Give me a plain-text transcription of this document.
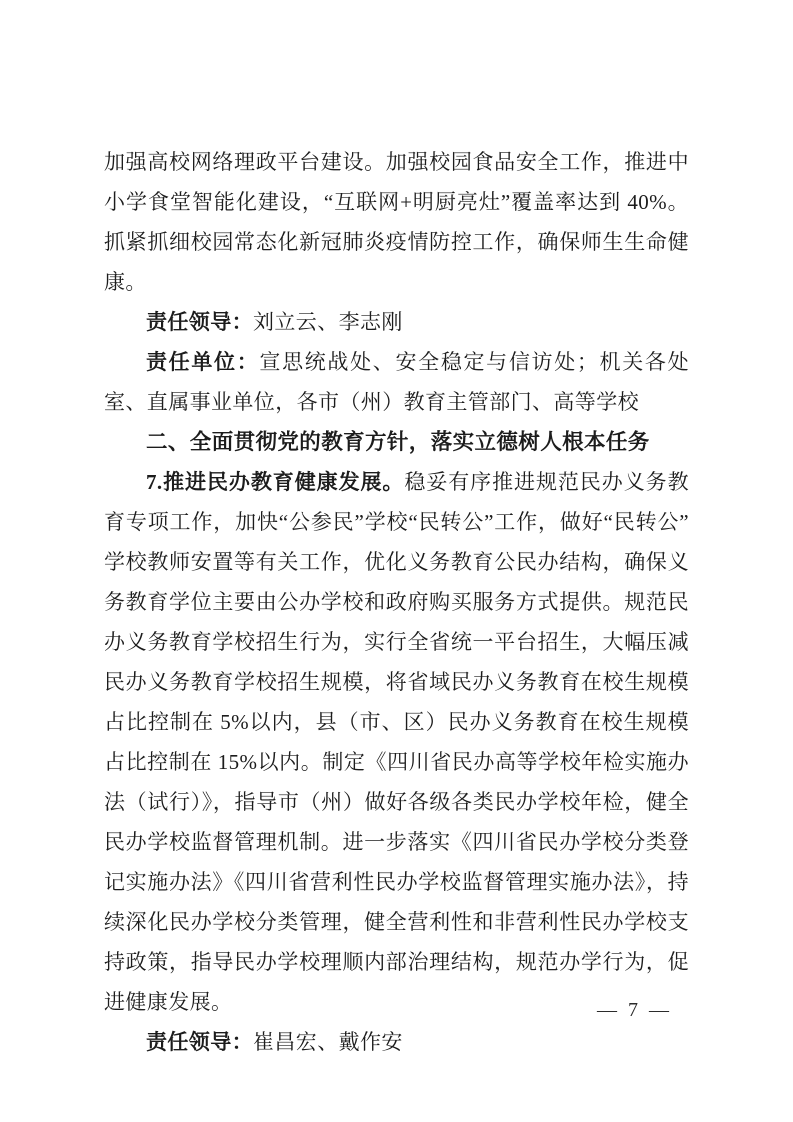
加强高校网络理政平台建设。加强校园食品安全工作，推进中小学食堂智能化建设，“互联网+明厨亮灶”覆盖率达到 40%。抓紧抓细校园常态化新冠肺炎疫情防控工作，确保师生生命健康。

责任领导：刘立云、李志刚

责任单位：宣思统战处、安全稳定与信访处；机关各处室、直属事业单位，各市（州）教育主管部门、高等学校

二、全面贯彻党的教育方针，落实立德树人根本任务

7.推进民办教育健康发展。稳妥有序推进规范民办义务教育专项工作，加快“公参民”学校“民转公”工作，做好“民转公”学校教师安置等有关工作，优化义务教育公民办结构，确保义务教育学位主要由公办学校和政府购买服务方式提供。规范民办义务教育学校招生行为，实行全省统一平台招生，大幅压减民办义务教育学校招生规模，将省域民办义务教育在校生规模占比控制在 5%以内，县（市、区）民办义务教育在校生规模占比控制在 15%以内。制定《四川省民办高等学校年检实施办法（试行）》，指导市（州）做好各级各类民办学校年检，健全民办学校监督管理机制。进一步落实《四川省民办学校分类登记实施办法》《四川省营利性民办学校监督管理实施办法》，持续深化民办学校分类管理，健全营利性和非营利性民办学校支持政策，指导民办学校理顺内部治理结构，规范办学行为，促进健康发展。

责任领导：崔昌宏、戴作安

— 7 —
